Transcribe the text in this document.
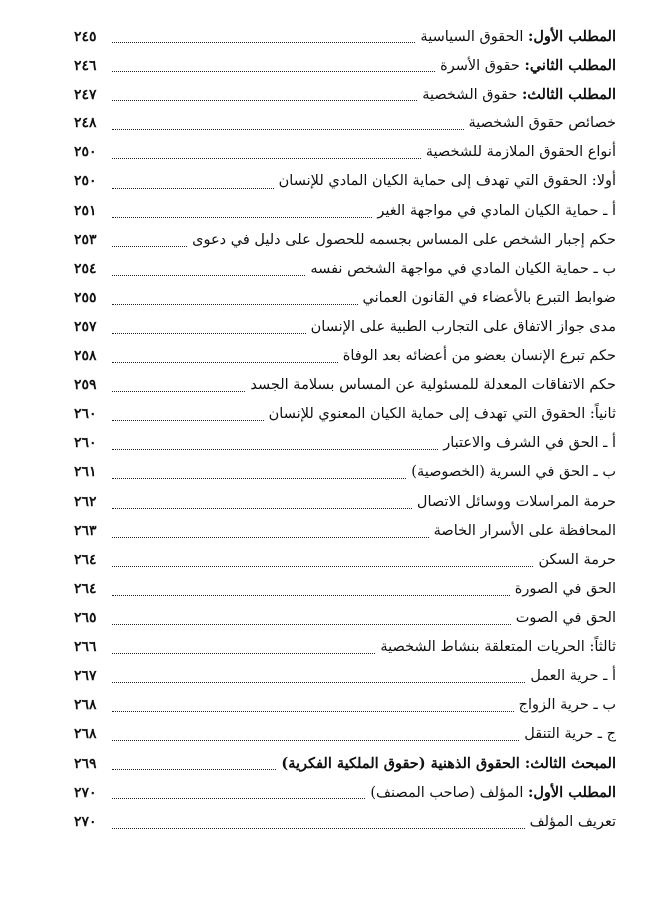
المطلب الأول: الحقوق السياسية
٢٤٥
المطلب الثاني: حقوق الأسرة
٢٤٦
المطلب الثالث: حقوق الشخصية
٢٤٧
خصائص حقوق الشخصية
٢٤٨
أنواع الحقوق الملازمة للشخصية
٢٥٠
أولا: الحقوق التي تهدف إلى حماية الكيان المادي للإنسان
٢٥٠
أ ـ حماية الكيان المادي في مواجهة الغير
٢٥١
حكم إجبار الشخص على المساس بجسمه للحصول على دليل في دعوى
٢٥٣
ب ـ حماية الكيان المادي في مواجهة الشخص نفسه
٢٥٤
ضوابط التبرع بالأعضاء في القانون العماني
٢٥٥
مدى جواز الاتفاق على التجارب الطبية على الإنسان
٢٥٧
حكم تبرع الإنسان بعضو من أعضائه بعد الوفاة
٢٥٨
حكم الاتفاقات المعدلة للمسئولية عن المساس بسلامة الجسد
٢٥٩
ثانياً: الحقوق التي تهدف إلى حماية الكيان المعنوي للإنسان
٢٦٠
أ ـ الحق في الشرف والاعتبار
٢٦٠
ب ـ الحق في السرية (الخصوصية)
٢٦١
حرمة المراسلات ووسائل الاتصال
٢٦٢
المحافظة على الأسرار الخاصة
٢٦٣
حرمة السكن
٢٦٤
الحق في الصورة
٢٦٤
الحق في الصوت
٢٦٥
ثالثاً: الحريات المتعلقة بنشاط الشخصية
٢٦٦
أ ـ حرية العمل
٢٦٧
ب ـ حرية الزواج
٢٦٨
ج ـ حرية التنقل
٢٦٨
المبحث الثالث: الحقوق الذهنية (حقوق الملكية الفكرية)
٢٦٩
المطلب الأول: المؤلف (صاحب المصنف)
٢٧٠
تعريف المؤلف
٢٧٠
